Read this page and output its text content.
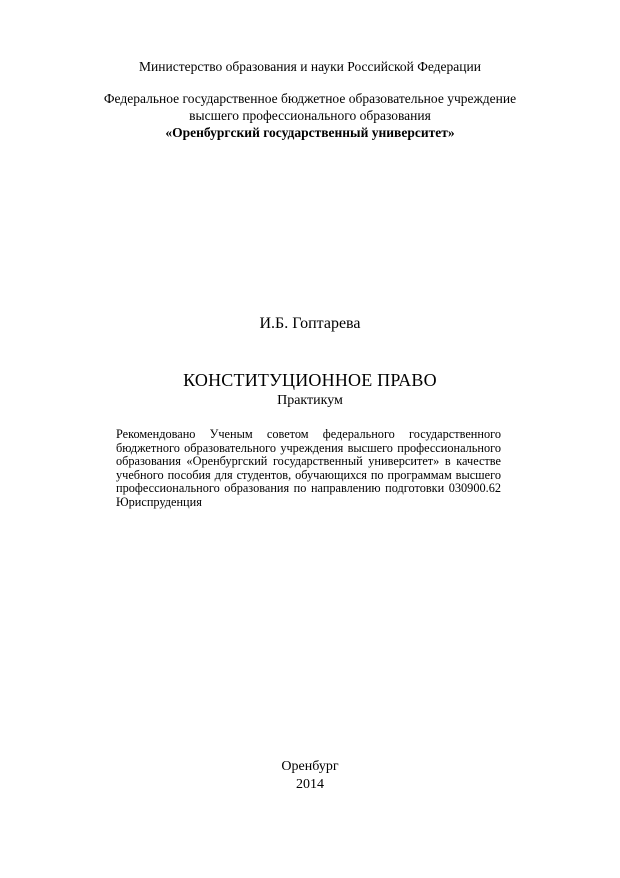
Министерство образования и науки Российской Федерации
Федеральное государственное бюджетное образовательное учреждение
высшего профессионального образования
«Оренбургский государственный университет»
И.Б. Гоптарева
КОНСТИТУЦИОННОЕ ПРАВО
Практикум
Рекомендовано Ученым советом федерального государственного бюджетного образовательного учреждения высшего профессионального образования «Оренбургский государственный университет» в качестве учебного пособия для студентов, обучающихся по программам высшего профессионального образования по направлению подготовки 030900.62 Юриспруденция
Оренбург
2014
